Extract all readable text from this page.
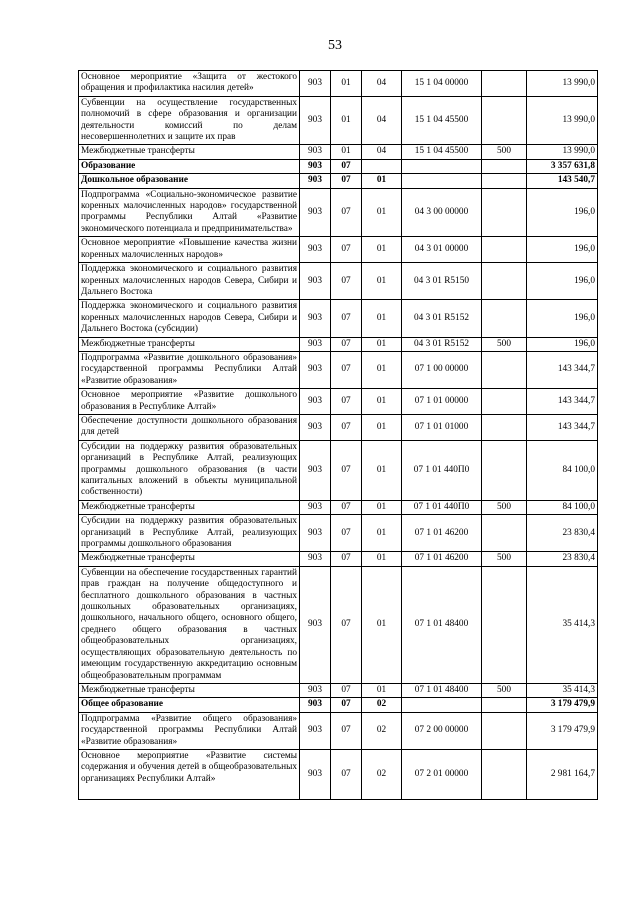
53
Основное мероприятие «Защита от жестокого обращения и профилактика насилия детей»	903	01	04	15 1 04 00000		13 990,0
Субвенции на осуществление государственных полномочий в сфере образования и организации деятельности комиссий по делам несовершеннолетних и защите их прав	903	01	04	15 1 04 45500		13 990,0
Межбюджетные трансферты	903	01	04	15 1 04 45500	500	13 990,0
Образование	903	07				3 357 631,8
Дошкольное образование	903	07	01			143 540,7
Подпрограмма «Социально-экономическое развитие коренных малочисленных народов» государственной программы Республики Алтай «Развитие экономического потенциала и предпринимательства»	903	07	01	04 3 00 00000		196,0
Основное мероприятие «Повышение качества жизни коренных малочисленных народов»	903	07	01	04 3 01 00000		196,0
Поддержка экономического и социального развития коренных малочисленных народов Севера, Сибири и Дальнего Востока	903	07	01	04 3 01 R5150		196,0
Поддержка экономического и социального развития коренных малочисленных народов Севера, Сибири и Дальнего Востока (субсидии)	903	07	01	04 3 01 R5152		196,0
Межбюджетные трансферты	903	07	01	04 3 01 R5152	500	196,0
Подпрограмма «Развитие дошкольного образования» государственной программы Республики Алтай «Развитие образования»	903	07	01	07 1 00 00000		143 344,7
Основное мероприятие «Развитие дошкольного образования в Республике Алтай»	903	07	01	07 1 01 00000		143 344,7
Обеспечение доступности дошкольного образования для детей	903	07	01	07 1 01 01000		143 344,7
Субсидии на поддержку развития образовательных организаций в Республике Алтай, реализующих программы дошкольного образования (в части капитальных вложений в объекты муниципальной собственности)	903	07	01	07 1 01 440П0		84 100,0
Межбюджетные трансферты	903	07	01	07 1 01 440П0	500	84 100,0
Субсидии на поддержку развития образовательных организаций в Республике Алтай, реализующих программы дошкольного образования	903	07	01	07 1 01 46200		23 830,4
Межбюджетные трансферты	903	07	01	07 1 01 46200	500	23 830,4
Субвенции на обеспечение государственных гарантий прав граждан на получение общедоступного и бесплатного дошкольного образования в частных дошкольных образовательных организациях, дошкольного, начального общего, основного общего, среднего общего образования в частных общеобразовательных организациях, осуществляющих образовательную деятельность по имеющим государственную аккредитацию основным общеобразовательным программам	903	07	01	07 1 01 48400		35 414,3
Межбюджетные трансферты	903	07	01	07 1 01 48400	500	35 414,3
Общее образование	903	07	02			3 179 479,9
Подпрограмма «Развитие общего образования» государственной программы Республики Алтай «Развитие образования»	903	07	02	07 2 00 00000		3 179 479,9
Основное мероприятие «Развитие системы содержания и обучения детей в общеобразовательных организациях Республики Алтай»	903	07	02	07 2 01 00000		2 981 164,7
